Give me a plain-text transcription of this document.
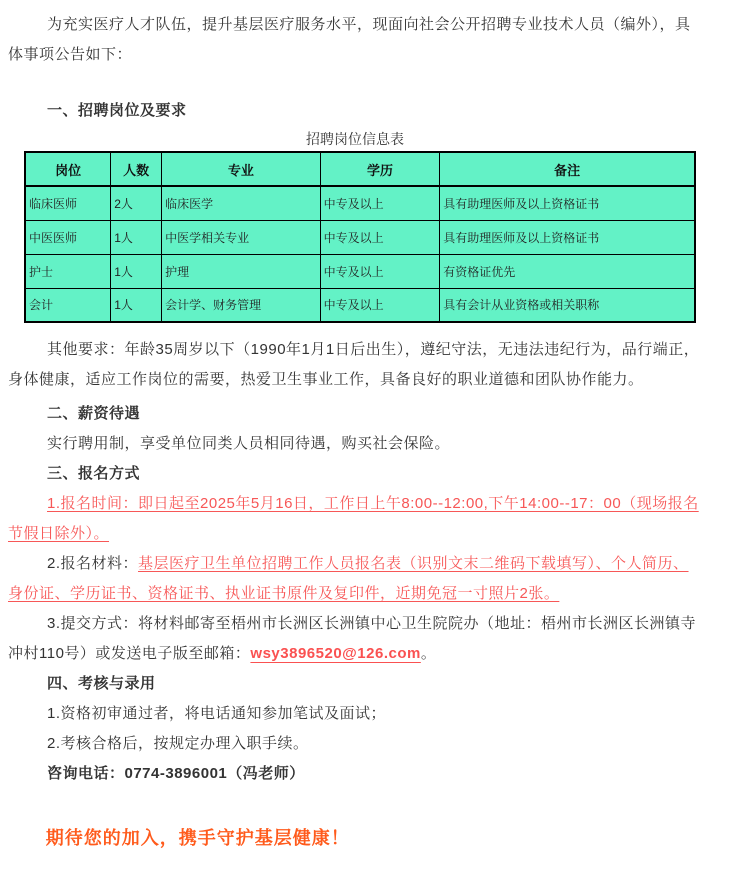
为充实医疗人才队伍，提升基层医疗服务水平，现面向社会公开招聘专业技术人员（编外），具体事项公告如下：

一、招聘岗位及要求
招聘岗位信息表
岗位	人数	专业	学历	备注
临床医师	2人	临床医学	中专及以上	具有助理医师及以上资格证书
中医医师	1人	中医学相关专业	中专及以上	具有助理医师及以上资格证书
护士	1人	护理	中专及以上	有资格证优先
会计	1人	会计学、财务管理	中专及以上	具有会计从业资格或相关职称

其他要求：年龄35周岁以下（1990年1月1日后出生），遵纪守法，无违法违纪行为，品行端正，身体健康，适应工作岗位的需要，热爱卫生事业工作，具备良好的职业道德和团队协作能力。

二、薪资待遇

实行聘用制，享受单位同类人员相同待遇，购买社会保险。

三、报名方式

1.报名时间：即日起至2025年5月16日，工作日上午8:00--12:00,下午14:00--17：00（现场报名节假日除外）。

2.报名材料：基层医疗卫生单位招聘工作人员报名表（识别文末二维码下载填写）、个人简历、身份证、学历证书、资格证书、执业证书原件及复印件，近期免冠一寸照片2张。

3.提交方式：将材料邮寄至梧州市长洲区长洲镇中心卫生院院办（地址：梧州市长洲区长洲镇寺冲村110号）或发送电子版至邮箱：wsy3896520@126.com。

四、考核与录用

1.资格初审通过者，将电话通知参加笔试及面试；

2.考核合格后，按规定办理入职手续。

咨询电话：0774-3896001（冯老师）

期待您的加入，携手守护基层健康！
